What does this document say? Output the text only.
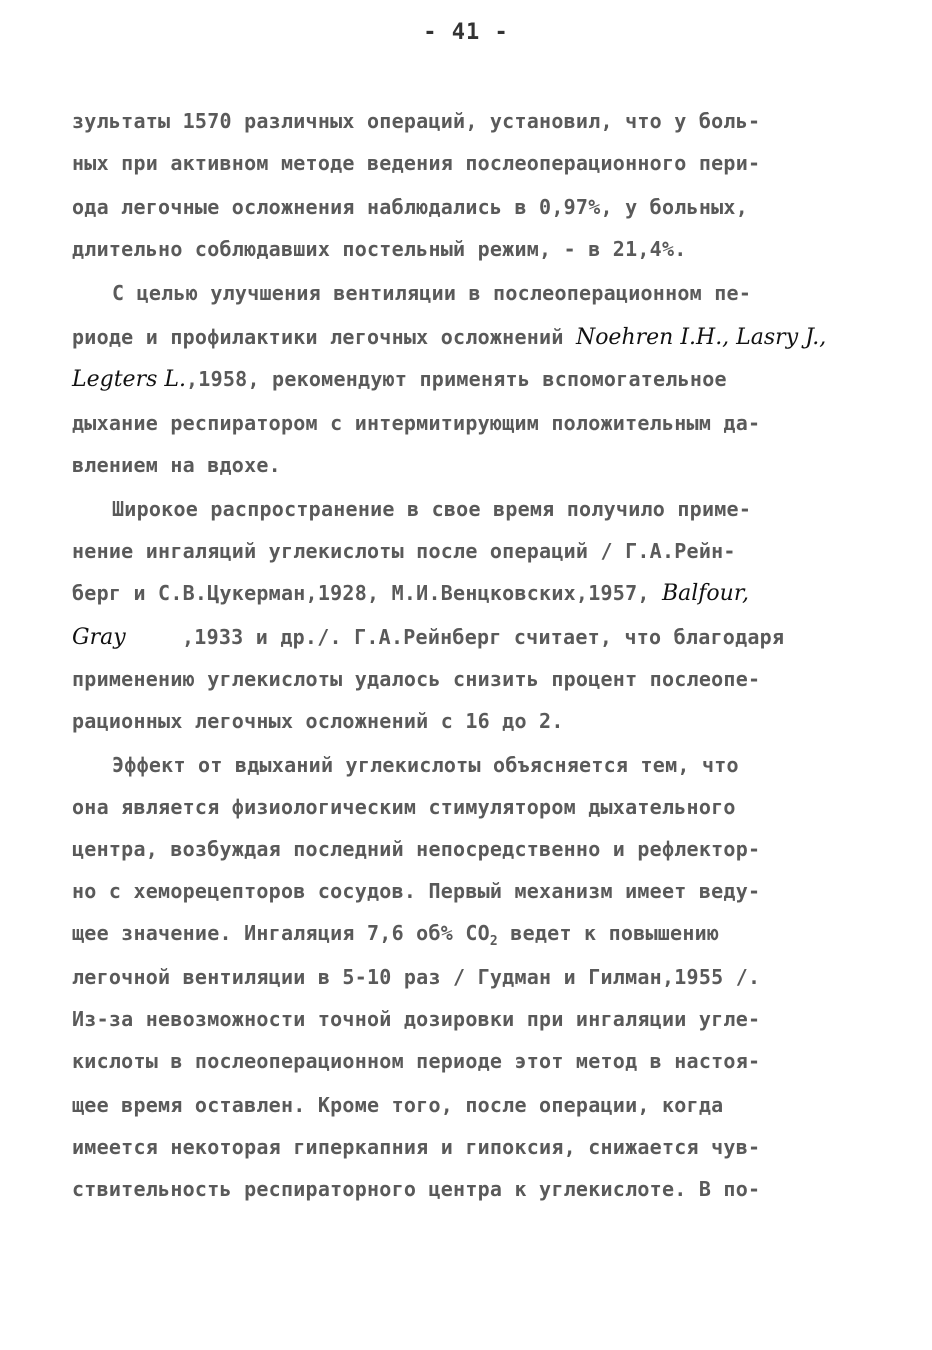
- 41 -
зультаты 1570 различных операций, установил, что у боль-
ных при активном методе ведения послеоперационного пери-
ода легочные осложнения наблюдались в 0,97%, у больных,
длительно соблюдавших постельный режим, - в 21,4%.
С целью улучшения вентиляции в послеоперационном пе-
риоде и профилактики легочных осложнений Noehren I.H., Lasry J.,
Legters L.,1958, рекомендуют применять вспомогательное
дыхание респиратором с интермитирующим положительным да-
влением на вдохе.
Широкое распространение в свое время получило приме-
нение ингаляций углекислоты после операций / Г.А.Рейн-
берг и С.В.Цукерман,1928, М.И.Венцковских,1957, Balfour,
Gray	,1933 и др./. Г.А.Рейнберг считает, что благодаря
применению углекислоты удалось снизить процент послеопе-
рационных легочных осложнений с 16 до 2.
Эффект от вдыханий углекислоты объясняется тем, что
она является физиологическим стимулятором дыхательного
центра, возбуждая последний непосредственно и рефлектор-
но с хеморецепторов сосудов. Первый механизм имеет веду-
щее значение. Ингаляция 7,6 об% $CO_2$ ведет к повышению
легочной вентиляции в 5-10 раз / Гудман и Гилман,1955 /.
Из-за невозможности точной дозировки при ингаляции угле-
кислоты в послеоперационном периоде этот метод в настоя-
щее время оставлен. Кроме того, после операции, когда
имеется некоторая гиперкапния и гипоксия, снижается чув-
ствительность респираторного центра к углекислоте. В по-
